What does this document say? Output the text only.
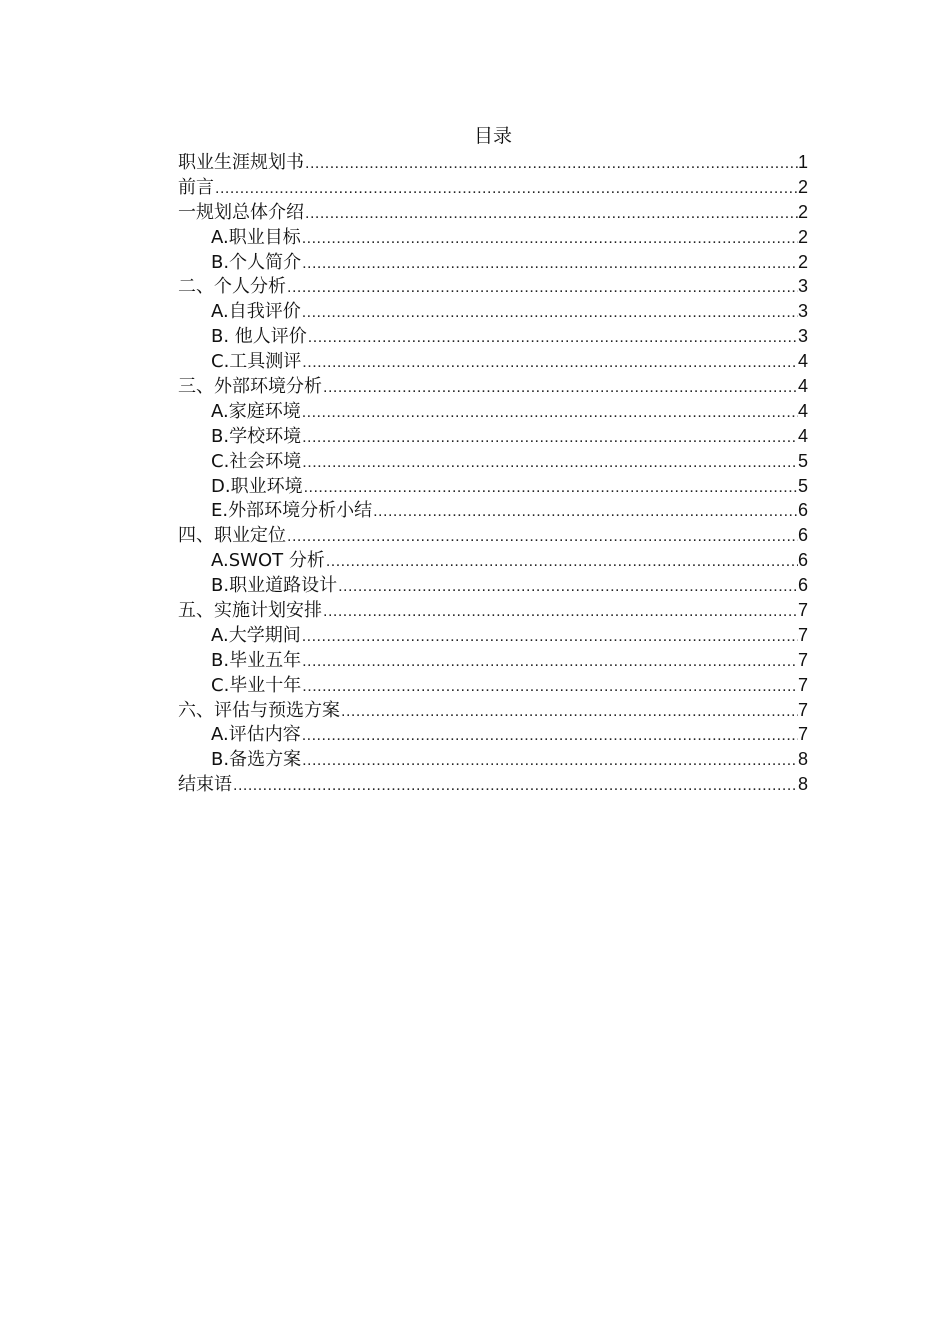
目录
职业生涯规划书 .....	1
前言 .....	2
一规划总体介绍 .....	2
A.职业目标 .....	2
B.个人简介 .....	2
二、个人分析 .....	3
A.自我评价 .....	3
B. 他人评价 .....	3
C.工具测评 .....	4
三、外部环境分析 .....	4
A.家庭环境 .....	4
B.学校环境 .....	4
C.社会环境 .....	5
D.职业环境 .....	5
E.外部环境分析小结 .....	6
四、职业定位 .....	6
A.SWOT 分析 .....	6
B.职业道路设计 .....	6
五、实施计划安排 .....	7
A.大学期间 .....	7
B.毕业五年 .....	7
C.毕业十年 .....	7
六、评估与预选方案 .....	7
A.评估内容 .....	7
B.备选方案 .....	8
结束语 .....	8
